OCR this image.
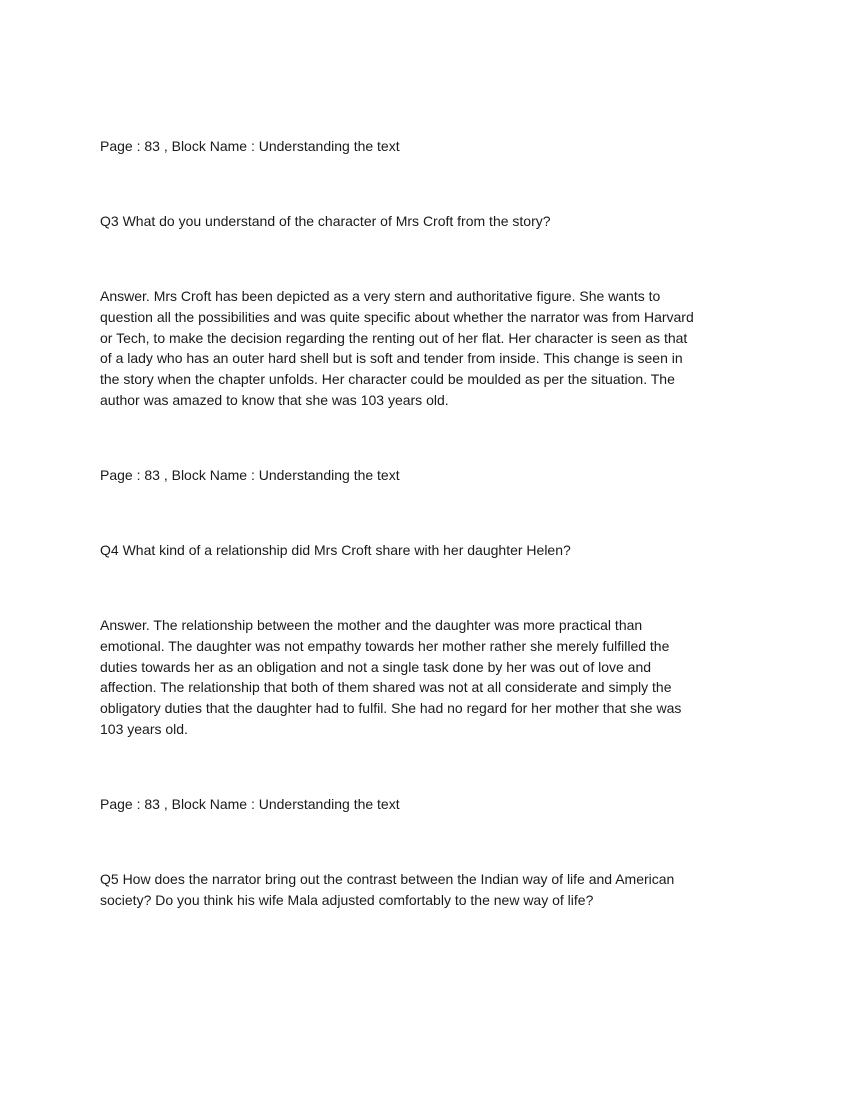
Page : 83 , Block Name : Understanding the text

Q3 What do you understand of the character of Mrs Croft from the story?

Answer. Mrs Croft has been depicted as a very stern and authoritative figure. She wants to
question all the possibilities and was quite specific about whether the narrator was from Harvard
or Tech, to make the decision regarding the renting out of her flat. Her character is seen as that
of a lady who has an outer hard shell but is soft and tender from inside. This change is seen in
the story when the chapter unfolds. Her character could be moulded as per the situation. The
author was amazed to know that she was 103 years old.

Page : 83 , Block Name : Understanding the text

Q4 What kind of a relationship did Mrs Croft share with her daughter Helen?

Answer. The relationship between the mother and the daughter was more practical than
emotional. The daughter was not empathy towards her mother rather she merely fulfilled the
duties towards her as an obligation and not a single task done by her was out of love and
affection. The relationship that both of them shared was not at all considerate and simply the
obligatory duties that the daughter had to fulfil. She had no regard for her mother that she was
103 years old.

Page : 83 , Block Name : Understanding the text

Q5 How does the narrator bring out the contrast between the Indian way of life and American
society? Do you think his wife Mala adjusted comfortably to the new way of life?
